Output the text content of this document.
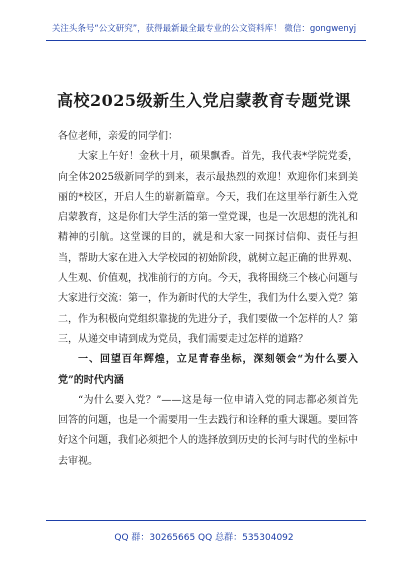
关注头条号“公文研究”，获得最新最全最专业的公文资料库！ 微信：gongwenyj
高校2025级新生入党启蒙教育专题党课

各位老师，亲爱的同学们：

大家上午好！金秋十月，硕果飘香。首先，我代表*学院党委，向全体2025级新同学的到来，表示最热烈的欢迎！欢迎你们来到美丽的*校区，开启人生的崭新篇章。今天，我们在这里举行新生入党启蒙教育，这是你们大学生活的第一堂党课，也是一次思想的洗礼和精神的引航。这堂课的目的，就是和大家一同探讨信仰、责任与担当，帮助大家在进入大学校园的初始阶段，就树立起正确的世界观、人生观、价值观，找准前行的方向。今天，我将围绕三个核心问题与大家进行交流：第一，作为新时代的大学生，我们为什么要入党？第二，作为积极向党组织靠拢的先进分子，我们要做一个怎样的人？第三，从递交申请到成为党员，我们需要走过怎样的道路？

一、回望百年辉煌，立足青春坐标，深刻领会“为什么要入党”的时代内涵

“为什么要入党？”——这是每一位申请入党的同志都必须首先回答的问题，也是一个需要用一生去践行和诠释的重大课题。要回答好这个问题，我们必须把个人的选择放到历史的长河与时代的坐标中去审视。

QQ 群：30265665 QQ 总群：535304092
